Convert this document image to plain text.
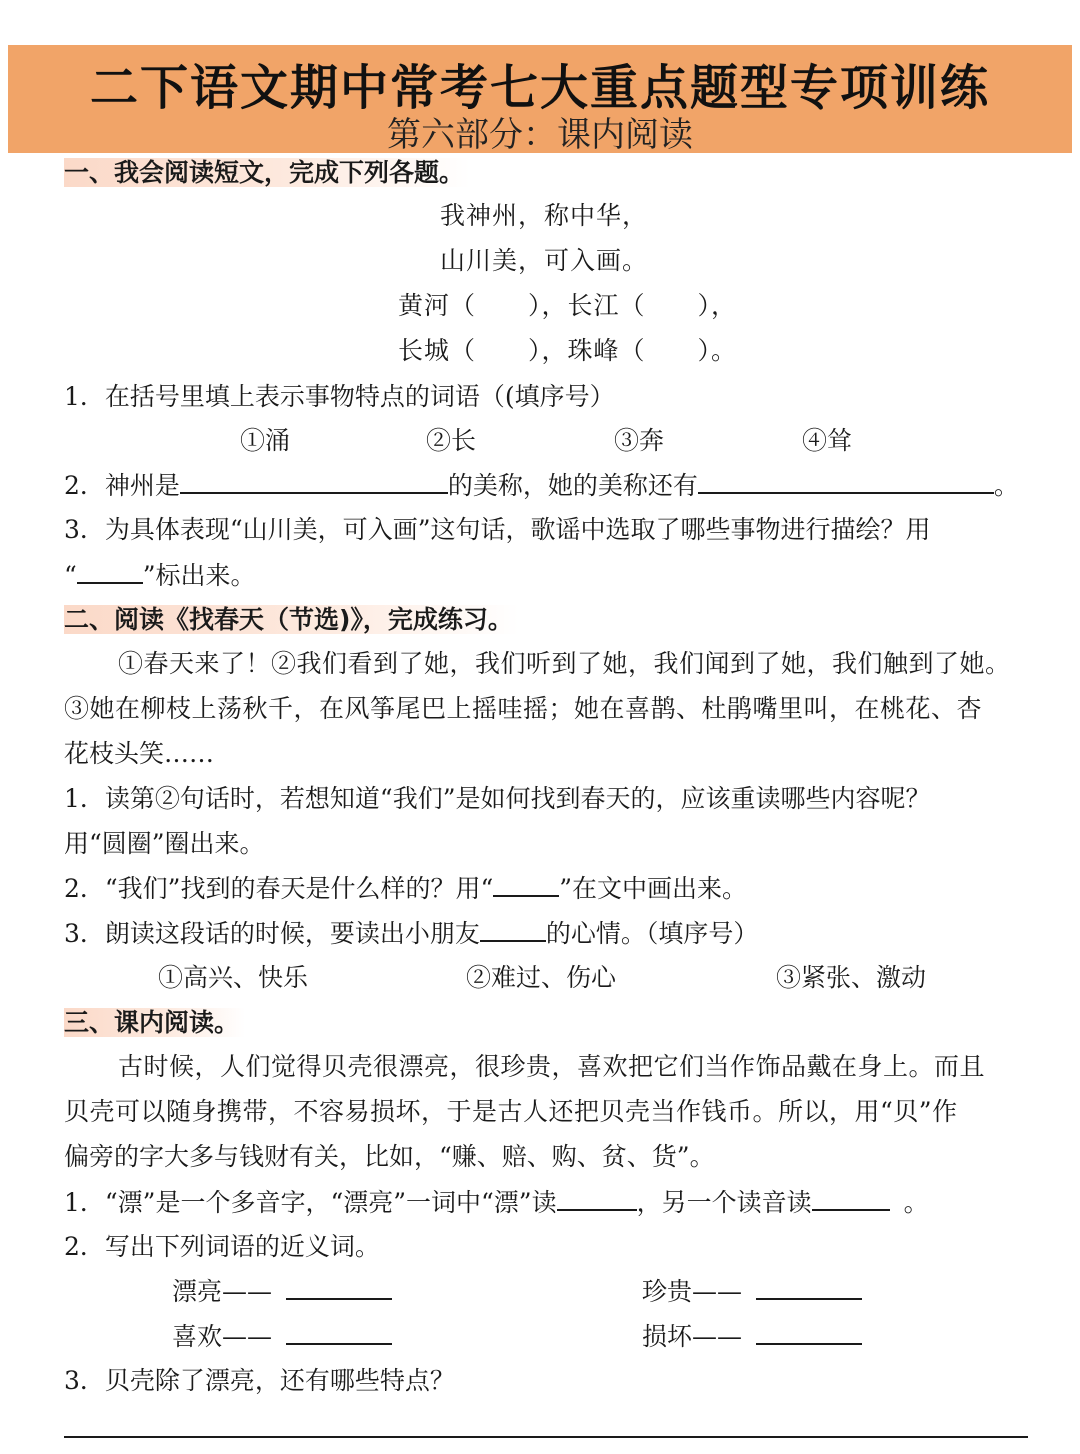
二下语文期中常考七大重点题型专项训练
第六部分：课内阅读
一、我会阅读短文，完成下列各题。
我神州，称中华，
山川美，可入画。
黄河（　　），长江（　　），
长城（　　），珠峰（　　）。
1．在括号里填上表示事物特点的词语（(填序号）
①涌	②长	③奔	④耸
2．神州是	的美称，她的美称还有	。
3．为具体表现“山川美，可入画”这句话，歌谣中选取了哪些事物进行描绘？用
“	”标出来。
二、阅读《找春天（节选)》，完成练习。
①春天来了！②我们看到了她，我们听到了她，我们闻到了她，我们触到了她。
③她在柳枝上荡秋千，在风筝尾巴上摇哇摇；她在喜鹊、杜鹃嘴里叫，在桃花、杏
花枝头笑……
1．读第②句话时，若想知道“我们”是如何找到春天的，应该重读哪些内容呢？
用“圆圈”圈出来。
2．“我们”找到的春天是什么样的？用“	”在文中画出来。
3．朗读这段话的时候，要读出小朋友	的心情。（填序号）
①高兴、快乐	②难过、伤心	③紧张、激动
三、课内阅读。
古时候，人们觉得贝壳很漂亮，很珍贵，喜欢把它们当作饰品戴在身上。而且
贝壳可以随身携带，不容易损坏，于是古人还把贝壳当作钱币。所以，用“贝”作
偏旁的字大多与钱财有关，比如，“赚、赔、购、贫、货”。
1．“漂”是一个多音字，“漂亮”一词中“漂”读	，另一个读音读	。
2．写出下列词语的近义词。
漂亮——	珍贵——
喜欢——	损坏——
3．贝壳除了漂亮，还有哪些特点？
